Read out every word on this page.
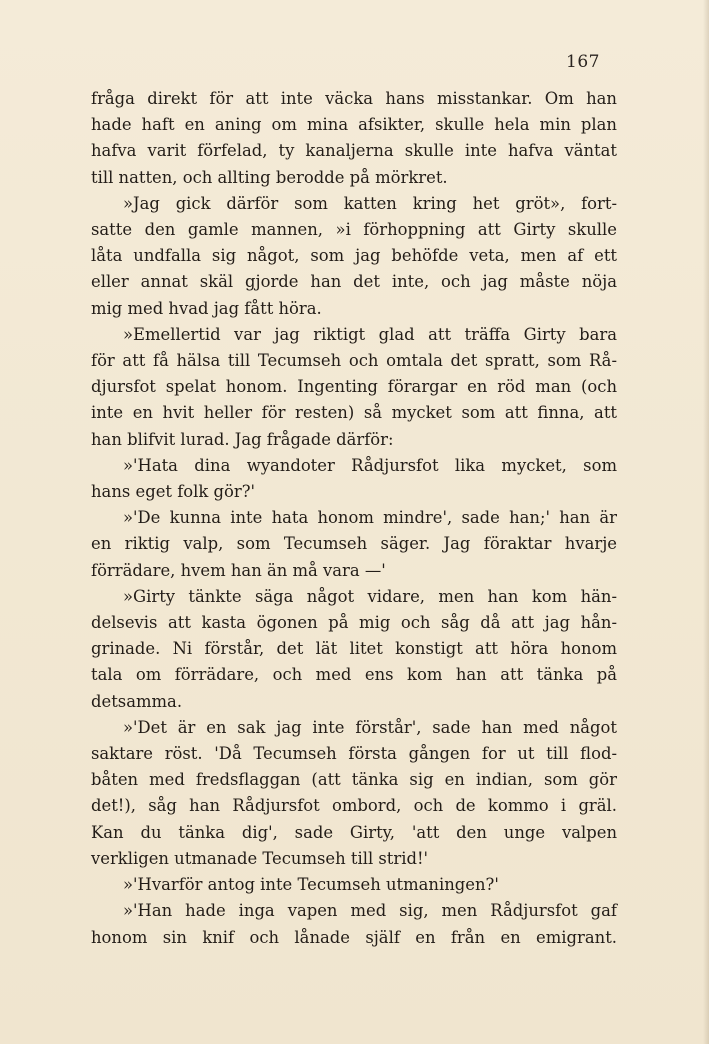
167
fråga direkt för att inte väcka hans misstankar. Om han
hade haft en aning om mina afsikter, skulle hela min plan
hafva varit förfelad, ty kanaljerna skulle inte hafva väntat
till natten, och allting berodde på mörkret.
»Jag gick därför som katten kring het gröt», fort-
satte den gamle mannen, »i förhoppning att Girty skulle
låta undfalla sig något, som jag behöfde veta, men af ett
eller annat skäl gjorde han det inte, och jag måste nöja
mig med hvad jag fått höra.
»Emellertid var jag riktigt glad att träffa Girty bara
för att få hälsa till Tecumseh och omtala det spratt, som Rå-
djursfot spelat honom. Ingenting förargar en röd man (och
inte en hvit heller för resten) så mycket som att finna, att
han blifvit lurad. Jag frågade därför:
»'Hata dina wyandoter Rådjursfot lika mycket, som
hans eget folk gör?'
»'De kunna inte hata honom mindre', sade han;' han är
en riktig valp, som Tecumseh säger. Jag föraktar hvarje
förrädare, hvem han än må vara —'
»Girty tänkte säga något vidare, men han kom hän-
delsevis att kasta ögonen på mig och såg då att jag hån-
grinade. Ni förstår, det lät litet konstigt att höra honom
tala om förrädare, och med ens kom han att tänka på
detsamma.
»'Det är en sak jag inte förstår', sade han med något
saktare röst. 'Då Tecumseh första gången for ut till flod-
båten med fredsflaggan (att tänka sig en indian, som gör
det!), såg han Rådjursfot ombord, och de kommo i gräl.
Kan du tänka dig', sade Girty, 'att den unge valpen
verkligen utmanade Tecumseh till strid!'
»'Hvarför antog inte Tecumseh utmaningen?'
»'Han hade inga vapen med sig, men Rådjursfot gaf
honom sin knif och lånade själf en från en emigrant.
